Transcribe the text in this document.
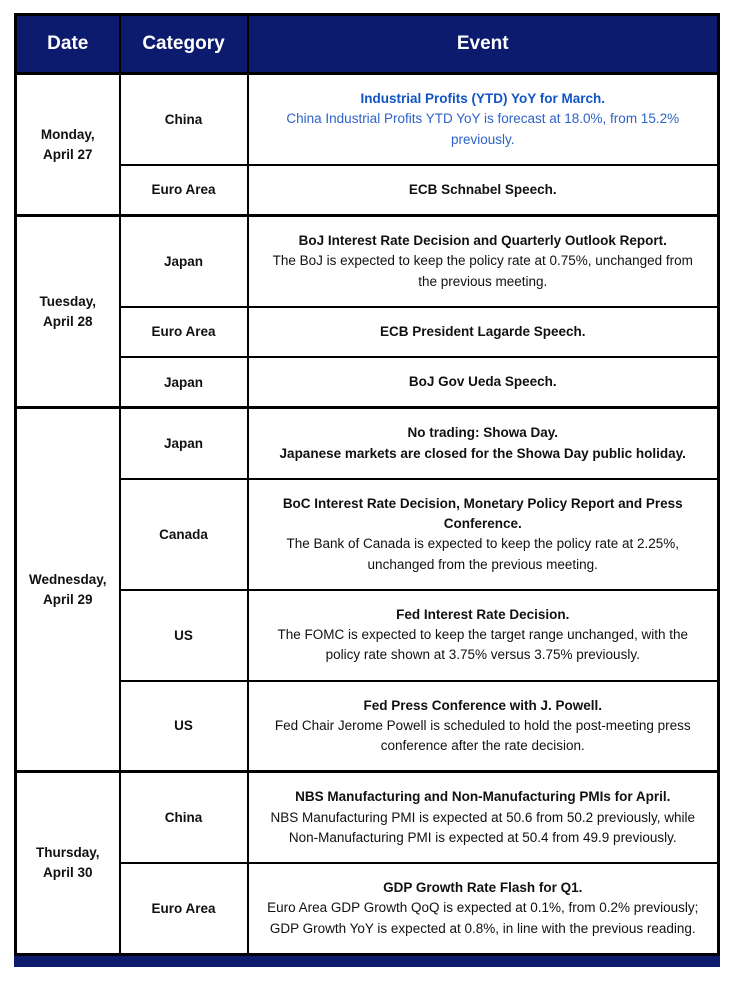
Date	Category	Event

Monday,
April 27
	China	
Industrial Profits (YTD) YoY for March.
China Industrial Profits YTD YoY is forecast at 18.0%, from 15.2% previously.

	Euro Area	ECB Schnabel Speech.

Tuesday,
April 28
	Japan	
BoJ Interest Rate Decision and Quarterly Outlook Report.
The BoJ is expected to keep the policy rate at 0.75%, unchanged from the previous meeting.

	Euro Area	ECB President Lagarde Speech.

	Japan	BoJ Gov Ueda Speech.

Wednesday,
April 29
	Japan	
No trading: Showa Day.
Japanese markets are closed for the Showa Day public holiday.

	Canada	BoC Interest Rate Decision, Monetary Policy Report and Press Conference.
The Bank of Canada is expected to keep the policy rate at 2.25%, unchanged from the previous meeting.

	US	Fed Interest Rate Decision.
The FOMC is expected to keep the target range unchanged, with the policy rate shown at 3.75% versus 3.75% previously.

	US	Fed Press Conference with J. Powell.
Fed Chair Jerome Powell is scheduled to hold the post-meeting press conference after the rate decision.

Thursday,
April 30
	China	
NBS Manufacturing and Non-Manufacturing PMIs for April.
NBS Manufacturing PMI is expected at 50.6 from 50.2 previously, while Non-Manufacturing PMI is expected at 50.4 from 49.9 previously.

	Euro Area	GDP Growth Rate Flash for Q1.
Euro Area GDP Growth QoQ is expected at 0.1%, from 0.2% previously; GDP Growth YoY is expected at 0.8%, in line with the previous reading.
